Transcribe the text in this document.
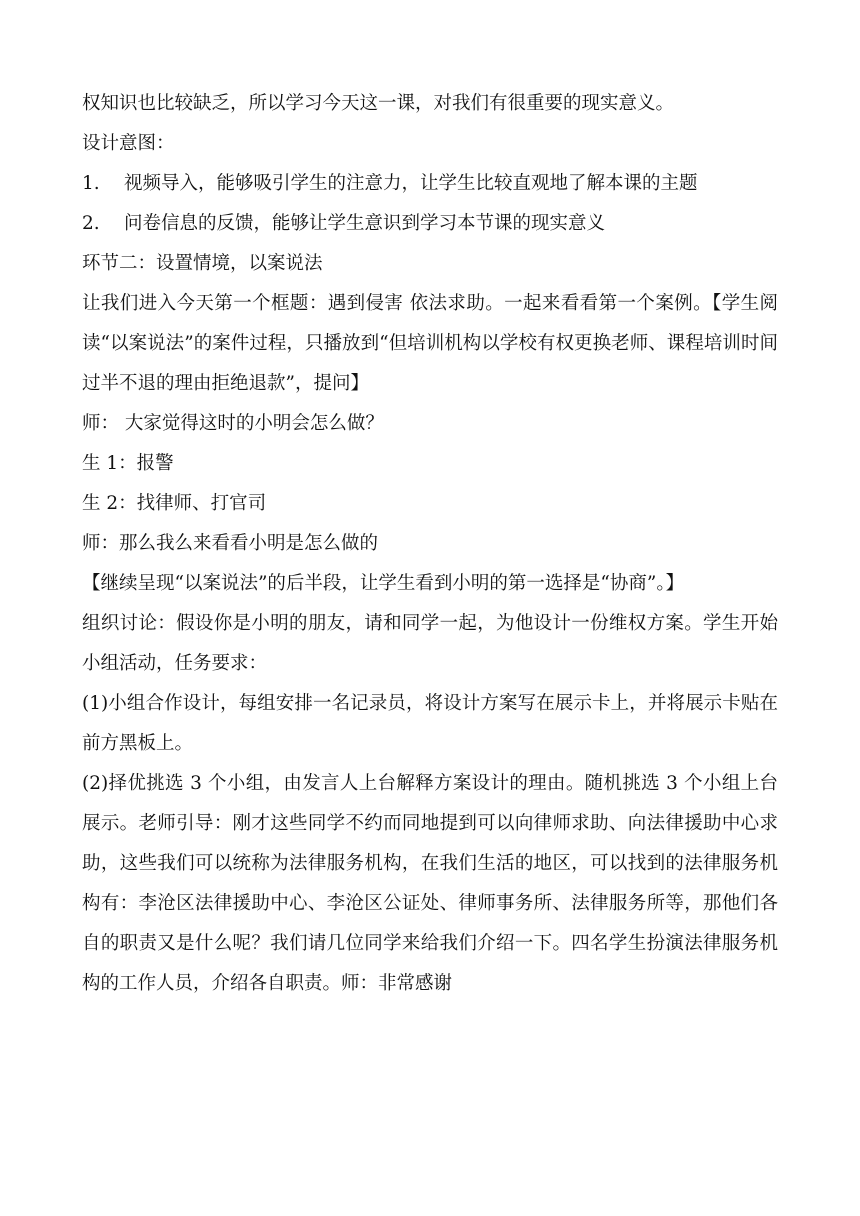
权知识也比较缺乏，所以学习今天这一课，对我们有很重要的现实意义。

设计意图：

1.	视频导入，能够吸引学生的注意力，让学生比较直观地了解本课的主题
2.	问卷信息的反馈，能够让学生意识到学习本节课的现实意义

环节二：设置情境，以案说法

让我们进入今天第一个框题：遇到侵害 依法求助。一起来看看第一个案例。【学生阅读“以案说法”的案件过程，只播放到“但培训机构以学校有权更换老师、课程培训时间过半不退的理由拒绝退款”，提问】

师： 大家觉得这时的小明会怎么做？

生 1：报警

生 2：找律师、打官司

师：那么我么来看看小明是怎么做的

【继续呈现“以案说法”的后半段，让学生看到小明的第一选择是“协商”。】

组织讨论：假设你是小明的朋友，请和同学一起，为他设计一份维权方案。学生开始小组活动，任务要求：

(1)小组合作设计，每组安排一名记录员，将设计方案写在展示卡上，并将展示卡贴在前方黑板上。

(2)择优挑选 3 个小组，由发言人上台解释方案设计的理由。随机挑选 3 个小组上台展示。老师引导：刚才这些同学不约而同地提到可以向律师求助、向法律援助中心求助，这些我们可以统称为法律服务机构，在我们生活的地区，可以找到的法律服务机构有：李沧区法律援助中心、李沧区公证处、律师事务所、法律服务所等，那他们各自的职责又是什么呢？我们请几位同学来给我们介绍一下。四名学生扮演法律服务机构的工作人员，介绍各自职责。师：非常感谢
